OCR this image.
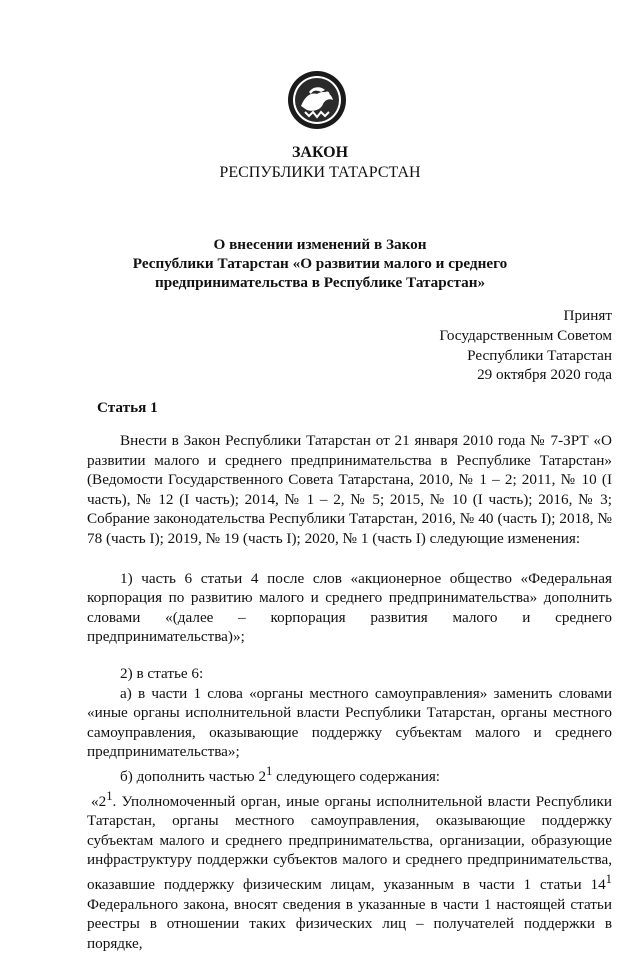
ЗАКОН
РЕСПУБЛИКИ ТАТАРСТАН
О внесении изменений в Закон
Республики Татарстан «О развитии малого и среднего
предпринимательства в Республике Татарстан»
Принят
Государственным Советом
Республики Татарстан
29 октября 2020 года
Статья 1
Внести в Закон Республики Татарстан от 21 января 2010 года № 7-ЗРТ «О развитии малого и среднего предпринимательства в Республике Татарстан» (Ведомости Государственного Совета Татарстана, 2010, № 1 – 2; 2011, № 10 (I часть), № 12 (I часть); 2014, № 1 – 2, № 5; 2015, № 10 (I часть); 2016, № 3; Собрание законодательства Республики Татарстан, 2016, № 40 (часть I); 2018, № 78 (часть I); 2019, № 19 (часть I); 2020, № 1 (часть I) следующие изменения:
1) часть 6 статьи 4 после слов «акционерное общество «Федеральная корпорация по развитию малого и среднего предпринимательства» дополнить словами «(далее – корпорация развития малого и среднего предпринимательства)»;
2) в статье 6:
а) в части 1 слова «органы местного самоуправления» заменить словами «иные органы исполнительной власти Республики Татарстан, органы местного самоуправления, оказывающие поддержку субъектам малого и среднего предпринимательства»;
б) дополнить частью $2^1$ следующего содержания:
«$2^1$. Уполномоченный орган, иные органы исполнительной власти Республики Татарстан, органы местного самоуправления, оказывающие поддержку субъектам малого и среднего предпринимательства, организации, образующие инфраструктуру поддержки субъектов малого и среднего предпринимательства, оказавшие поддержку физическим лицам, указанным в части 1 статьи $14^1$ Федерального закона, вносят сведения в указанные в части 1 настоящей статьи реестры в отношении таких физических лиц – получателей поддержки в порядке,
